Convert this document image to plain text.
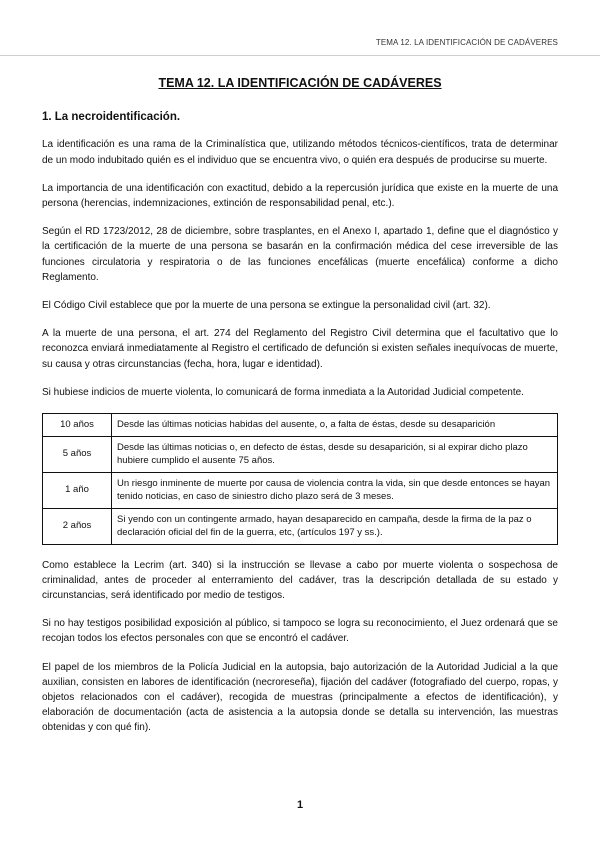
TEMA 12. LA IDENTIFICACIÓN DE CADÁVERES
TEMA 12. LA IDENTIFICACIÓN DE CADÁVERES
1. La necroidentificación.

La identificación es una rama de la Criminalística que, utilizando métodos técnicos-científicos, trata de determinar de un modo indubitado quién es el individuo que se encuentra vivo, o quién era después de producirse su muerte.

La importancia de una identificación con exactitud, debido a la repercusión jurídica que existe en la muerte de una persona (herencias, indemnizaciones, extinción de responsabilidad penal, etc.).

Según el RD 1723/2012, 28 de diciembre, sobre trasplantes, en el Anexo I, apartado 1, define que el diagnóstico y la certificación de la muerte de una persona se basarán en la confirmación médica del cese irreversible de las funciones circulatoria y respiratoria o de las funciones encefálicas (muerte encefálica) conforme a dicho Reglamento.

El Código Civil establece que por la muerte de una persona se extingue la personalidad civil (art. 32).

A la muerte de una persona, el art. 274 del Reglamento del Registro Civil determina que el facultativo que lo reconozca enviará inmediatamente al Registro el certificado de defunción si existen señales inequívocas de muerte, su causa y otras circunstancias (fecha, hora, lugar e identidad).

Si hubiese indicios de muerte violenta, lo comunicará de forma inmediata a la Autoridad Judicial competente.

10 años	Desde las últimas noticias habidas del ausente, o, a falta de éstas, desde su desaparición
5 años	Desde las últimas noticias o, en defecto de éstas, desde su desaparición, si al expirar dicho plazo hubiere cumplido el ausente 75 años.
1 año	Un riesgo inminente de muerte por causa de violencia contra la vida, sin que desde entonces se hayan tenido noticias, en caso de siniestro dicho plazo será de 3 meses.
2 años	Si yendo con un contingente armado, hayan desaparecido en campaña, desde la firma de la paz o declaración oficial del fin de la guerra, etc, (artículos 197 y ss.).

Como establece la Lecrim (art. 340) si la instrucción se llevase a cabo por muerte violenta o sospechosa de criminalidad, antes de proceder al enterramiento del cadáver, tras la descripción detallada de su estado y circunstancias, será identificado por medio de testigos.

Si no hay testigos posibilidad exposición al público, si tampoco se logra su reconocimiento, el Juez ordenará que se recojan todos los efectos personales con que se encontró el cadáver.

El papel de los miembros de la Policía Judicial en la autopsia, bajo autorización de la Autoridad Judicial a la que auxilian, consisten en labores de identificación (necroreseña), fijación del cadáver (fotografiado del cuerpo, ropas, y objetos relacionados con el cadáver), recogida de muestras (principalmente a efectos de identificación), y elaboración de documentación (acta de asistencia a la autopsia donde se detalla su intervención, las muestras obtenidas y con qué fin).

1
